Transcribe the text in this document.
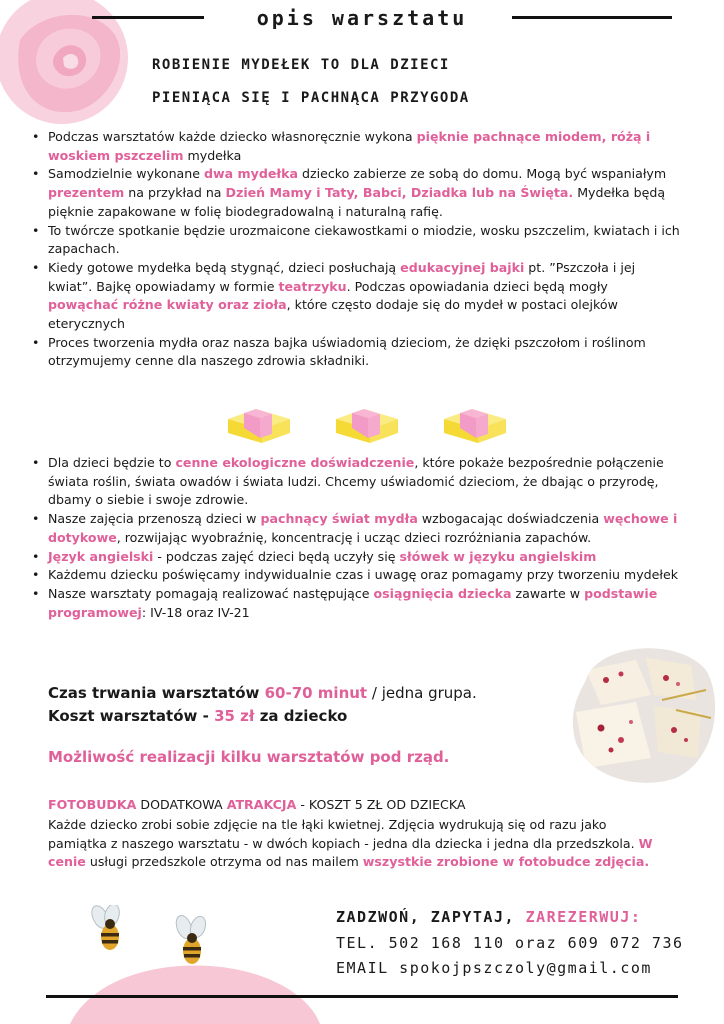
opis warsztatu
ROBIENIE MYDEŁEK TO DLA DZIECI
PIENIĄCA SIĘ I PACHNĄCA PRZYGODA
• Podczas warsztatów każde dziecko własnoręcznie wykona pięknie pachnące miodem, różą i woskiem pszczelim mydełka
• Samodzielnie wykonane dwa mydełka dziecko zabierze ze sobą do domu. Mogą być wspaniałym prezentem na przykład na Dzień Mamy i Taty, Babci, Dziadka lub na Święta. Mydełka będą pięknie zapakowane w folię biodegradowalną i naturalną rafię.
• To twórcze spotkanie będzie urozmaicone ciekawostkami o miodzie, wosku pszczelim, kwiatach i ich zapachach.
• Kiedy gotowe mydełka będą stygnąć, dzieci posłuchają edukacyjnej bajki pt. ”Pszczoła i jej kwiat”. Bajkę opowiadamy w formie teatrzyku. Podczas opowiadania dzieci będą mogły powąchać różne kwiaty oraz zioła, które często dodaje się do mydeł w postaci olejków eterycznych
• Proces tworzenia mydła oraz nasza bajka uświadomią dzieciom, że dzięki pszczołom i roślinom otrzymujemy cenne dla naszego zdrowia składniki.
• Dla dzieci będzie to cenne ekologiczne doświadczenie, które pokaże bezpośrednie połączenie świata roślin, świata owadów i świata ludzi. Chcemy uświadomić dzieciom, że dbając o przyrodę, dbamy o siebie i swoje zdrowie.
• Nasze zajęcia przenoszą dzieci w pachnący świat mydła wzbogacając doświadczenia węchowe i dotykowe, rozwijając wyobraźnię, koncentrację i ucząc dzieci rozróżniania zapachów.
• Język angielski - podczas zajęć dzieci będą uczyły się słówek w języku angielskim
• Każdemu dziecku poświęcamy indywidualnie czas i uwagę oraz pomagamy przy tworzeniu mydełek
• Nasze warsztaty pomagają realizować następujące osiągnięcia dziecka zawarte w podstawie programowej: IV-18 oraz IV-21
Czas trwania warsztatów 60-70 minut / jedna grupa.
Koszt warsztatów - 35 zł za dziecko
Możliwość realizacji kilku warsztatów pod rząd.
FOTOBUDKA DODATKOWA ATRAKCJA - KOSZT 5 ZŁ OD DZIECKA
Każde dziecko zrobi sobie zdjęcie na tle łąki kwietnej. Zdjęcia wydrukują się od razu jako pamiątka z naszego warsztatu - w dwóch kopiach - jedna dla dziecka i jedna dla przedszkola. W cenie usługi przedszkole otrzyma od nas mailem wszystkie zrobione w fotobudce zdjęcia.
ZADZWOŃ, ZAPYTAJ, ZAREZERWUJ:
TEL. 502 168 110 oraz 609 072 736
EMAIL spokojpszczoly@gmail.com
